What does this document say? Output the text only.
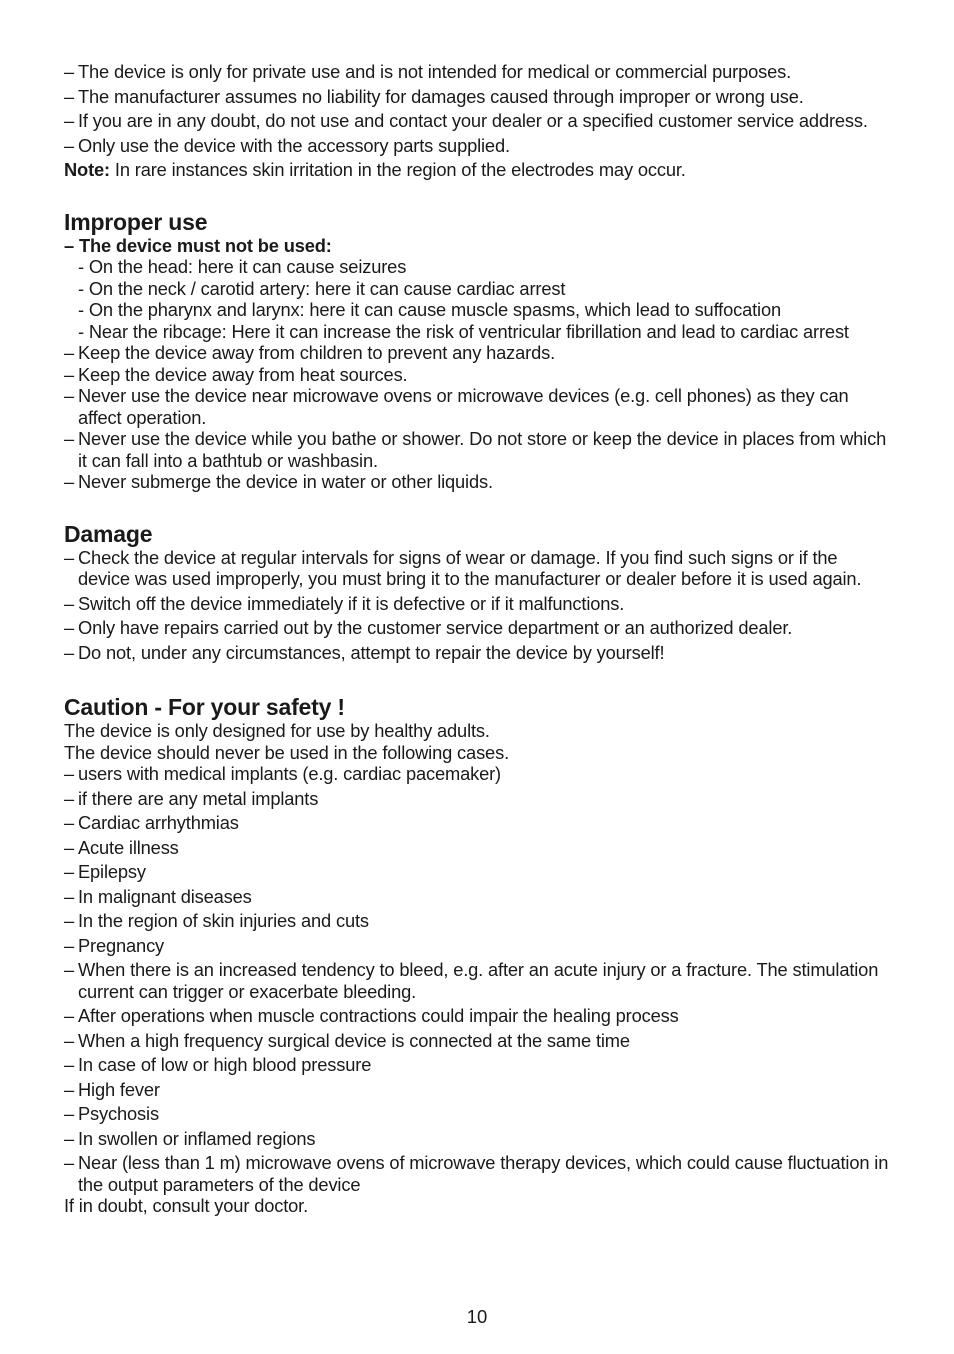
– The device is only for private use and is not intended for medical or commercial purposes.

– The manufacturer assumes no liability for damages caused through improper or wrong use.

– If you are in any doubt, do not use and contact your dealer or a specified customer service address.

– Only use the device with the accessory parts supplied.

Note: In rare instances skin irritation in the region of the electrodes may occur.

Improper use

– The device must not be used:

- On the head: here it can cause seizures

- On the neck / carotid artery: here it can cause cardiac arrest

- On the pharynx and larynx: here it can cause muscle spasms, which lead to suffocation

- Near the ribcage: Here it can increase the risk of ventricular fibrillation and lead to cardiac arrest

– Keep the device away from children to prevent any hazards.

– Keep the device away from heat sources.

– Never use the device near microwave ovens or microwave devices (e.g. cell phones) as they can affect operation.

– Never use the device while you bathe or shower. Do not store or keep the device in places from which it can fall into a bathtub or washbasin.

– Never submerge the device in water or other liquids.

Damage

– Check the device at regular intervals for signs of wear or damage. If you find such signs or if the device was used improperly, you must bring it to the manufacturer or dealer before it is used again.

– Switch off the device immediately if it is defective or if it malfunctions.

– Only have repairs carried out by the customer service department or an authorized dealer.

– Do not, under any circumstances, attempt to repair the device by yourself!

Caution - For your safety !

The device is only designed for use by healthy adults.

The device should never be used in the following cases.

– users with medical implants (e.g. cardiac pacemaker)

– if there are any metal implants

– Cardiac arrhythmias

– Acute illness

– Epilepsy

– In malignant diseases

– In the region of skin injuries and cuts

– Pregnancy

– When there is an increased tendency to bleed, e.g. after an acute injury or a fracture. The stimulation current can trigger or exacerbate bleeding.

– After operations when muscle contractions could impair the healing process

– When a high frequency surgical device is connected at the same time

– In case of low or high blood pressure

– High fever

– Psychosis

– In swollen or inflamed regions

– Near (less than 1 m) microwave ovens of microwave therapy devices, which could cause fluctuation in the output parameters of the device

If in doubt, consult your doctor.

10
